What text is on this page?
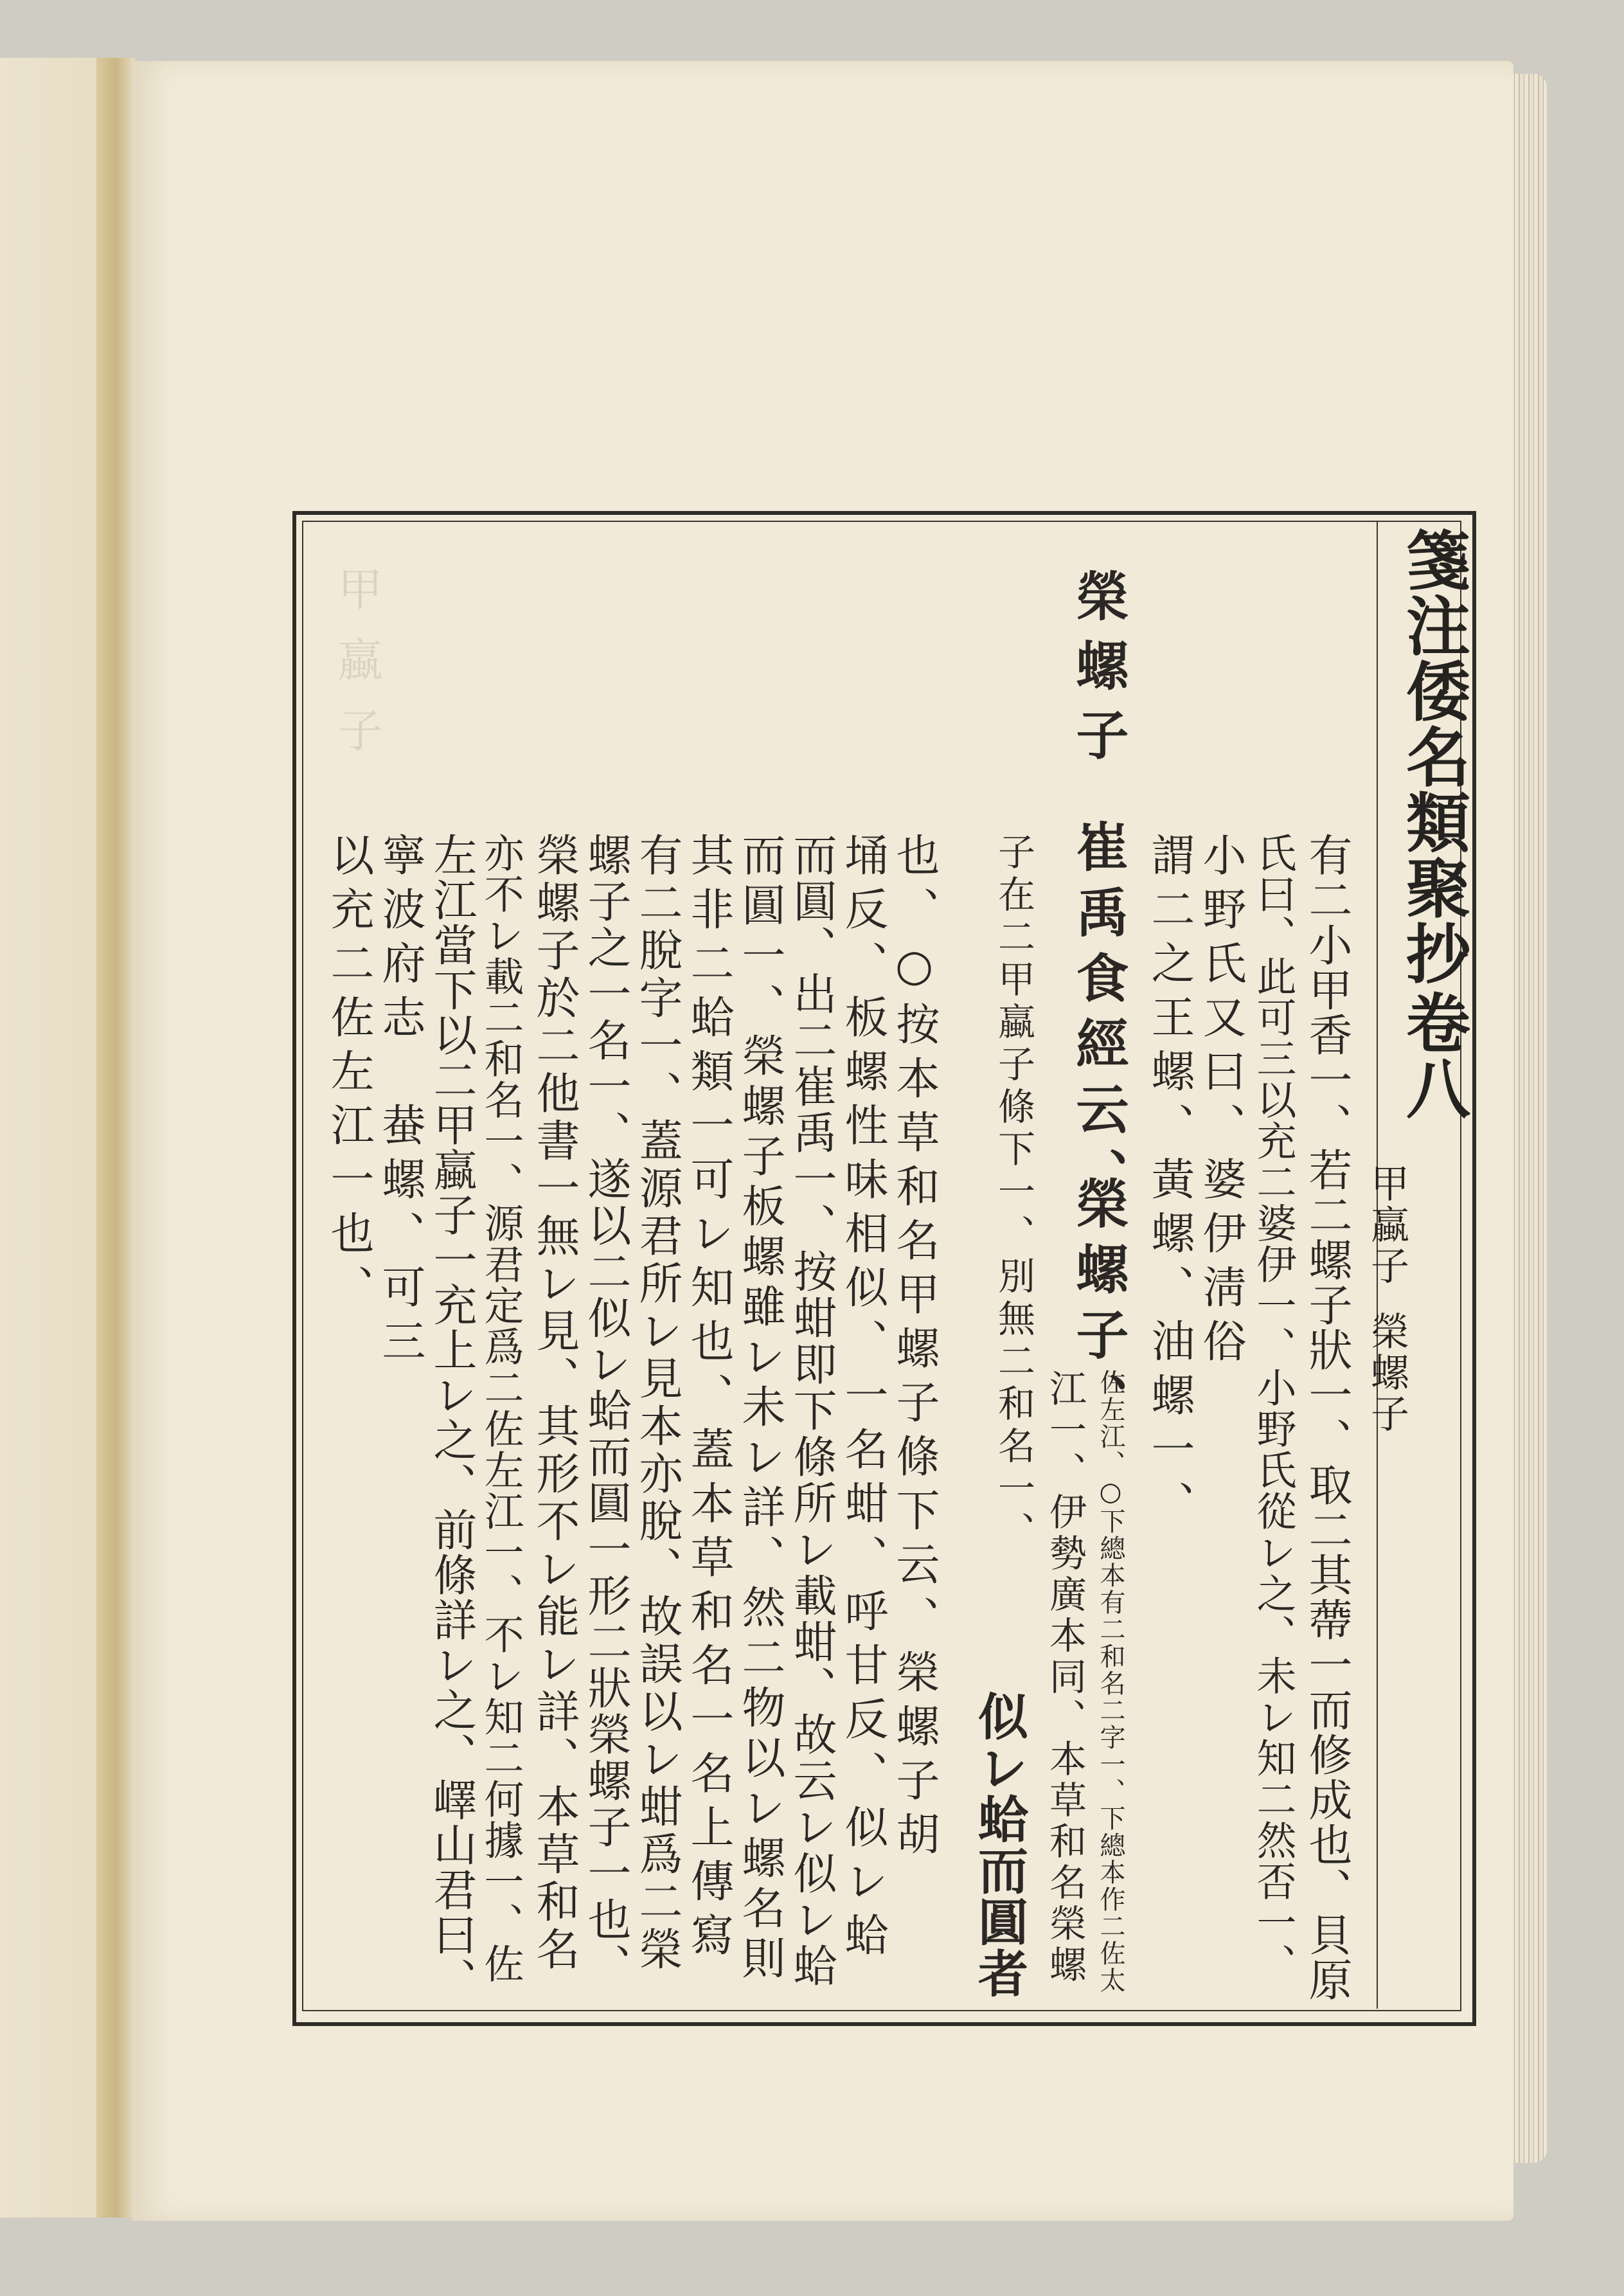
甲蠃子	箋注倭名類聚抄
卷八
甲蠃子
榮螺子
有二小甲香一、若二螺子狀一、取二其蔕一而修成也、貝原
氏曰、此可三以充二婆伊一、小野氏從レ之、未レ知二然否一、
小野氏又曰、婆伊淸俗
謂二之王螺、黃螺、油螺一、
榮螺子
崔禹食經云、
榮螺子、
佐左江、○下總本有二和名二字一、下總本作二佐太
江一、伊勢廣本同、本草和名榮螺
子在二甲蠃子條下一、別無二和名一、
似レ蛤而圓者
也、○按本草和名甲螺子條下云、榮螺子胡
埇反、板螺性味相似、一名蚶、呼甘反、似レ蛤
而圓、出二崔禹一、按蚶即下條所レ載蚶、故云レ似レ蛤
而圓一、榮螺子板螺雖レ未レ詳、然二物以レ螺名則
其非二蛤類一可レ知也、蓋本草和名一名上傳寫
有二脫字一、蓋源君所レ見本亦脫、故誤以レ蚶爲二榮
螺子之一名一、遂以二似レ蛤而圓一形二狀榮螺子一也、
榮螺子於二他書一無レ見、其形不レ能レ詳、本草和名
亦不レ載二和名一、源君定爲二佐左江一、不レ知二何據一、佐
左江當下以二甲蠃子一充上レ之、前條詳レ之、嶧山君曰、
寧波府志　蛬螺、可三
以充二佐左江一也、
